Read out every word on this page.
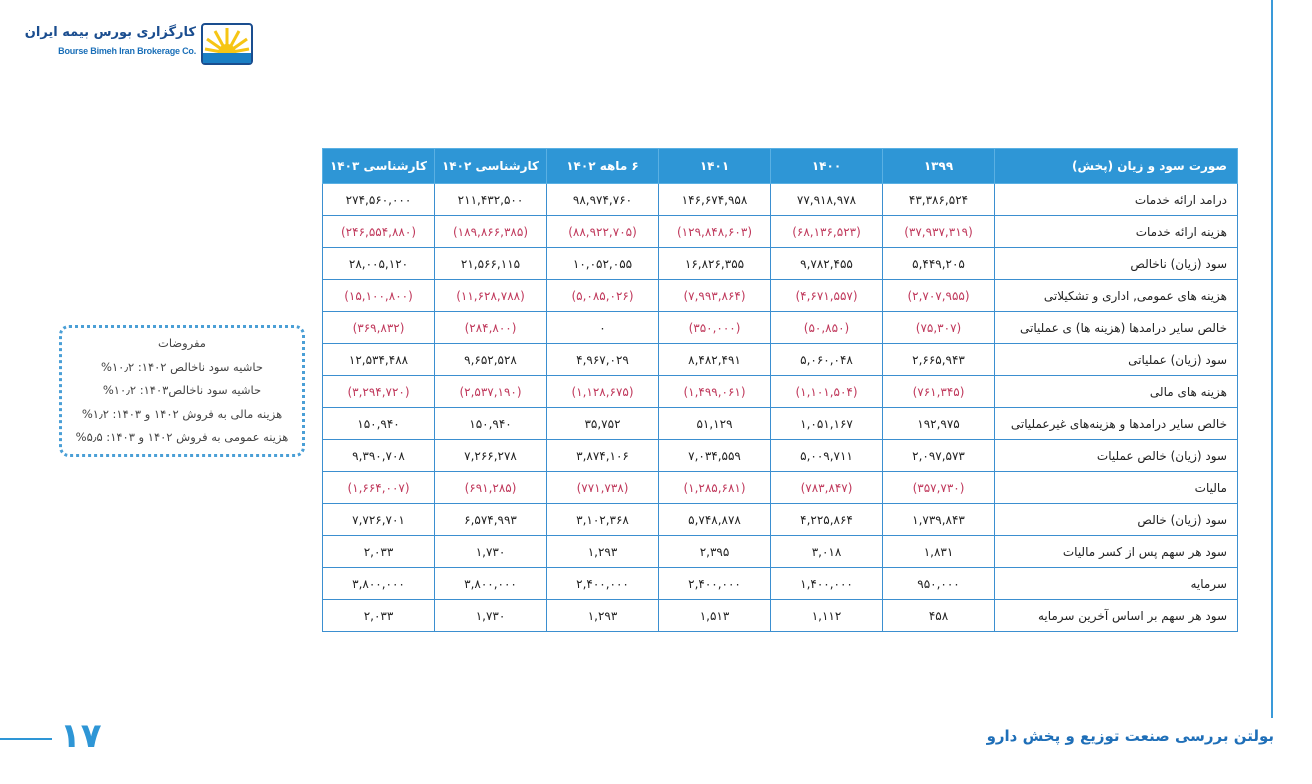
کارگزاری بورس بیمه ایران
Bourse Bimeh Iran Brokerage Co.
مفروضات
حاشیه سود ناخالص ۱۴۰۲: ۱۰٫۲%
حاشیه سود ناخالص۱۴۰۳: ۱۰٫۲%
هزینه مالی به فروش ۱۴۰۲ و ۱۴۰۳: ۱٫۲%
هزینه عمومی به فروش ۱۴۰۲ و ۱۴۰۳: ۵٫۵%
صورت سود و زیان (پخش)	۱۳۹۹	۱۴۰۰	۱۴۰۱	۶ ماهه ۱۴۰۲	کارشناسی ۱۴۰۲	کارشناسی ۱۴۰۳
درامد ارائه خدمات	۴۳,۳۸۶,۵۲۴	۷۷,۹۱۸,۹۷۸	۱۴۶,۶۷۴,۹۵۸	۹۸,۹۷۴,۷۶۰	۲۱۱,۴۳۲,۵۰۰	۲۷۴,۵۶۰,۰۰۰
هزینه ارائه خدمات	(۳۷,۹۳۷,۳۱۹)	(۶۸,۱۳۶,۵۲۳)	(۱۲۹,۸۴۸,۶۰۳)	(۸۸,۹۲۲,۷۰۵)	(۱۸۹,۸۶۶,۳۸۵)	(۲۴۶,۵۵۴,۸۸۰)
سود (زیان) ناخالص	۵,۴۴۹,۲۰۵	۹,۷۸۲,۴۵۵	۱۶,۸۲۶,۳۵۵	۱۰,۰۵۲,۰۵۵	۲۱,۵۶۶,۱۱۵	۲۸,۰۰۵,۱۲۰
هزینه های عمومی, اداری و تشکیلاتی	(۲,۷۰۷,۹۵۵)	(۴,۶۷۱,۵۵۷)	(۷,۹۹۳,۸۶۴)	(۵,۰۸۵,۰۲۶)	(۱۱,۶۲۸,۷۸۸)	(۱۵,۱۰۰,۸۰۰)
خالص سایر درامدها (هزینه ها) ی عملیاتی	(۷۵,۳۰۷)	(۵۰,۸۵۰)	(۳۵۰,۰۰۰)	۰	(۲۸۴,۸۰۰)	(۳۶۹,۸۳۲)
سود (زیان) عملیاتی	۲,۶۶۵,۹۴۳	۵,۰۶۰,۰۴۸	۸,۴۸۲,۴۹۱	۴,۹۶۷,۰۲۹	۹,۶۵۲,۵۲۸	۱۲,۵۳۴,۴۸۸
هزینه های مالی	(۷۶۱,۳۴۵)	(۱,۱۰۱,۵۰۴)	(۱,۴۹۹,۰۶۱)	(۱,۱۲۸,۶۷۵)	(۲,۵۳۷,۱۹۰)	(۳,۲۹۴,۷۲۰)
خالص سایر درامدها و هزینه‌های غیرعملیاتی	۱۹۲,۹۷۵	۱,۰۵۱,۱۶۷	۵۱,۱۲۹	۳۵,۷۵۲	۱۵۰,۹۴۰	۱۵۰,۹۴۰
سود (زیان) خالص عملیات	۲,۰۹۷,۵۷۳	۵,۰۰۹,۷۱۱	۷,۰۳۴,۵۵۹	۳,۸۷۴,۱۰۶	۷,۲۶۶,۲۷۸	۹,۳۹۰,۷۰۸
مالیات	(۳۵۷,۷۳۰)	(۷۸۳,۸۴۷)	(۱,۲۸۵,۶۸۱)	(۷۷۱,۷۳۸)	(۶۹۱,۲۸۵)	(۱,۶۶۴,۰۰۷)
سود (زیان) خالص	۱,۷۳۹,۸۴۳	۴,۲۲۵,۸۶۴	۵,۷۴۸,۸۷۸	۳,۱۰۲,۳۶۸	۶,۵۷۴,۹۹۳	۷,۷۲۶,۷۰۱
سود هر سهم پس از کسر مالیات	۱,۸۳۱	۳,۰۱۸	۲,۳۹۵	۱,۲۹۳	۱,۷۳۰	۲,۰۳۳
سرمایه	۹۵۰,۰۰۰	۱,۴۰۰,۰۰۰	۲,۴۰۰,۰۰۰	۲,۴۰۰,۰۰۰	۳,۸۰۰,۰۰۰	۳,۸۰۰,۰۰۰
سود هر سهم بر اساس آخرین سرمایه	۴۵۸	۱,۱۱۲	۱,۵۱۳	۱,۲۹۳	۱,۷۳۰	۲,۰۳۳
۱۷	بولتن بررسی صنعت توزیع و پخش دارو
